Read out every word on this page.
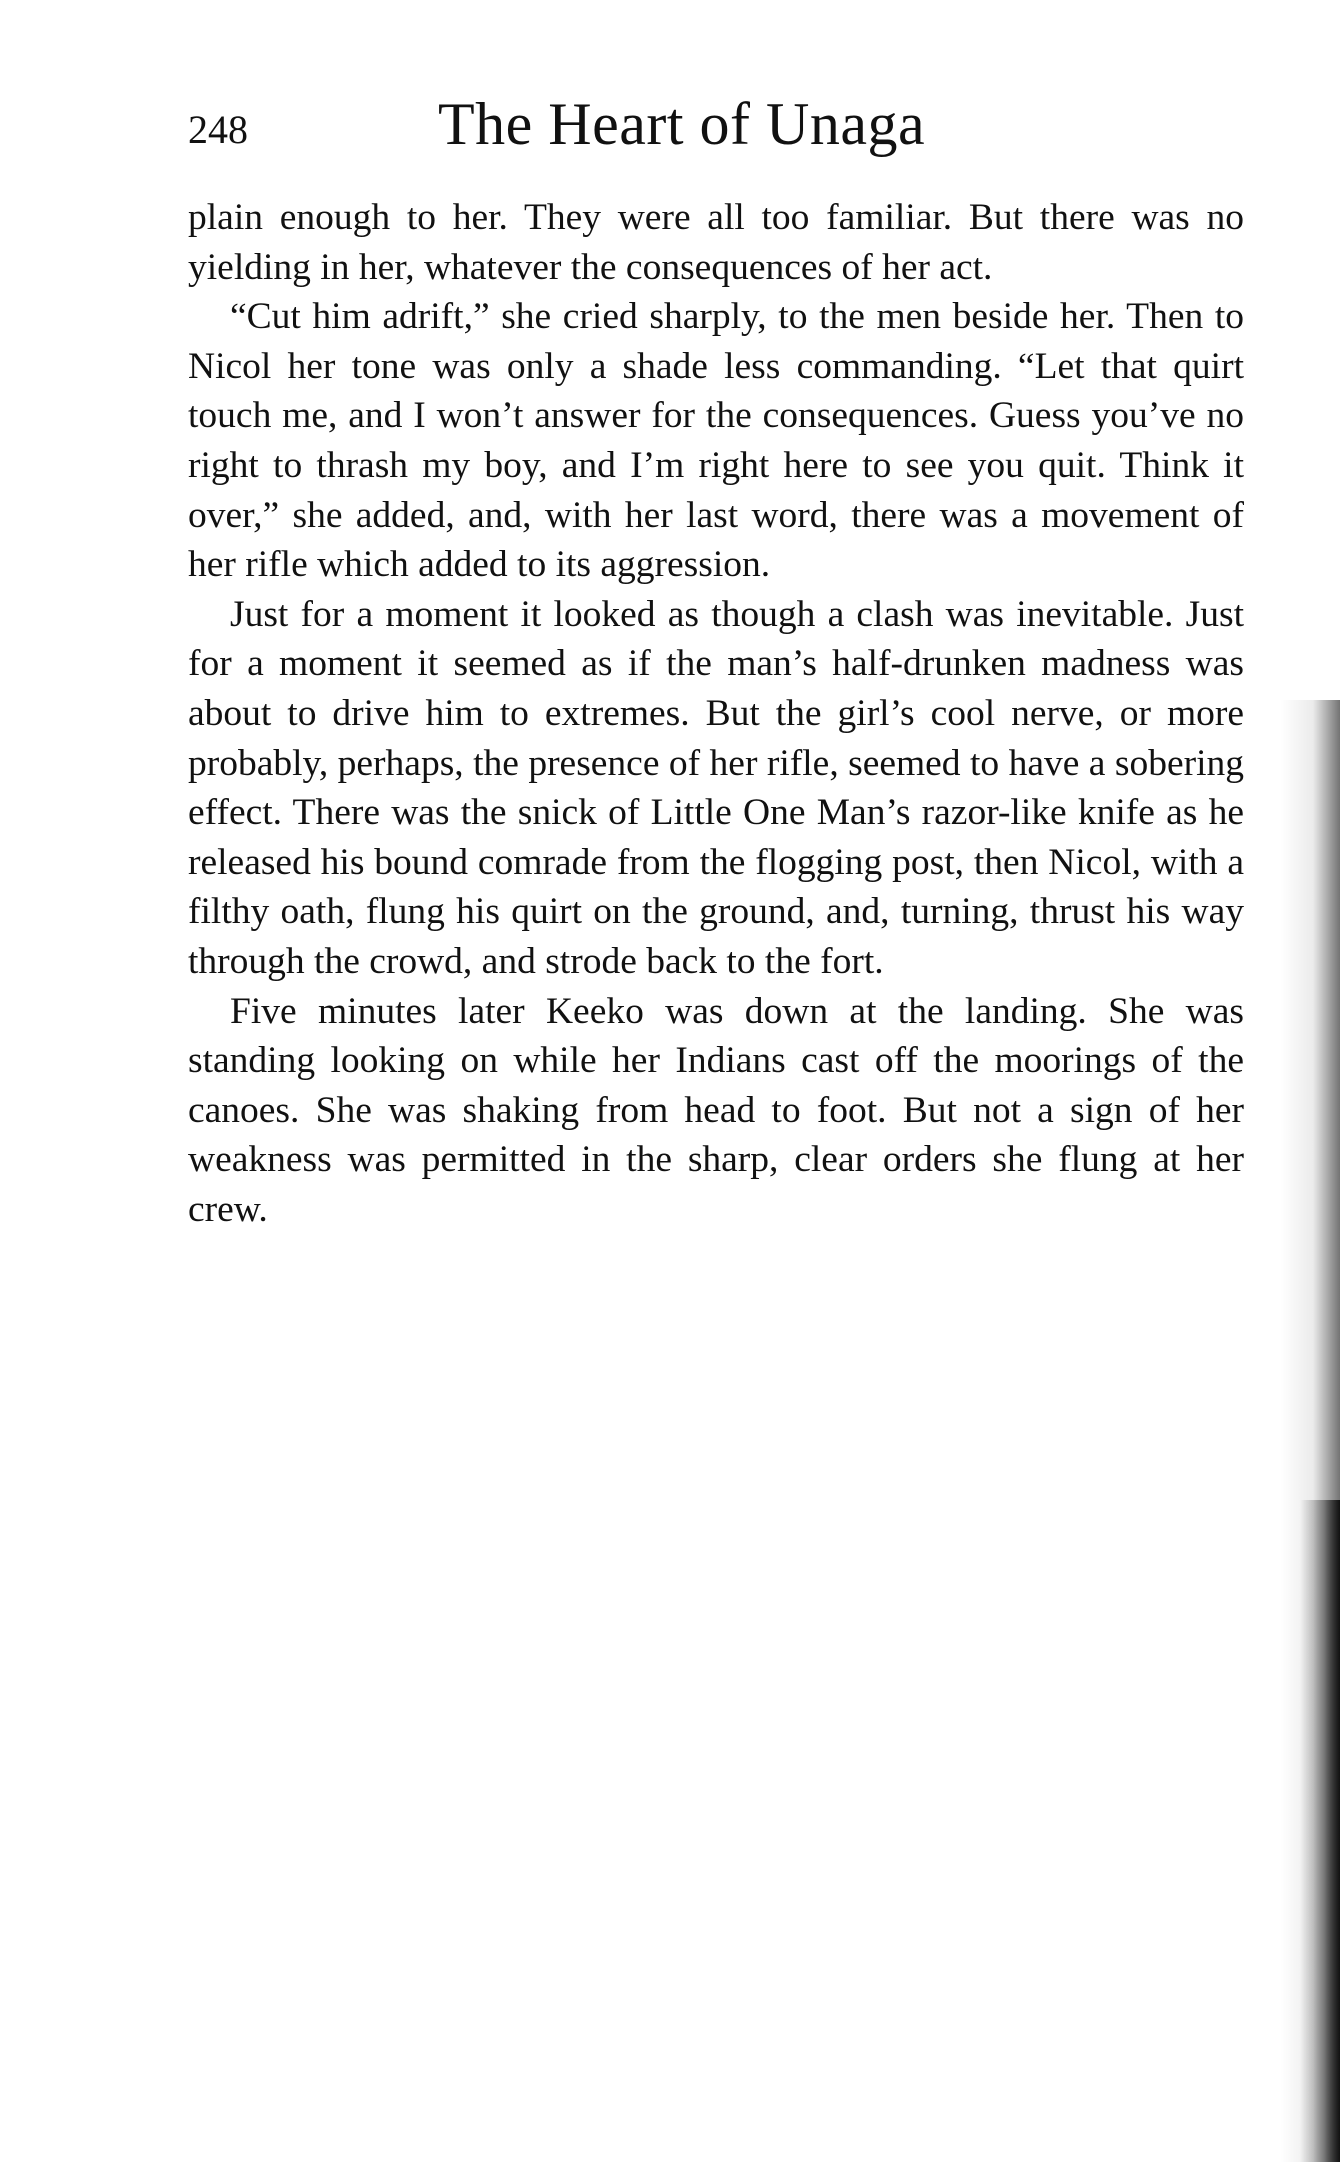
248	The Heart of Unaga

plain enough to her. They were all too familiar. But there was no yielding in her, whatever the consequences of her act.

“Cut him adrift,” she cried sharply, to the men beside her. Then to Nicol her tone was only a shade less commanding. “Let that quirt touch me, and I won’t answer for the consequences. Guess you’ve no right to thrash my boy, and I’m right here to see you quit. Think it over,” she added, and, with her last word, there was a movement of her rifle which added to its aggression.

Just for a moment it looked as though a clash was inevitable. Just for a moment it seemed as if the man’s half-drunken madness was about to drive him to extremes. But the girl’s cool nerve, or more probably, perhaps, the presence of her rifle, seemed to have a sobering effect. There was the snick of Little One Man’s razor-like knife as he released his bound comrade from the flogging post, then Nicol, with a filthy oath, flung his quirt on the ground, and, turning, thrust his way through the crowd, and strode back to the fort.

Five minutes later Keeko was down at the landing. She was standing looking on while her Indians cast off the moorings of the canoes. She was shaking from head to foot. But not a sign of her weakness was permitted in the sharp, clear orders she flung at her crew.
